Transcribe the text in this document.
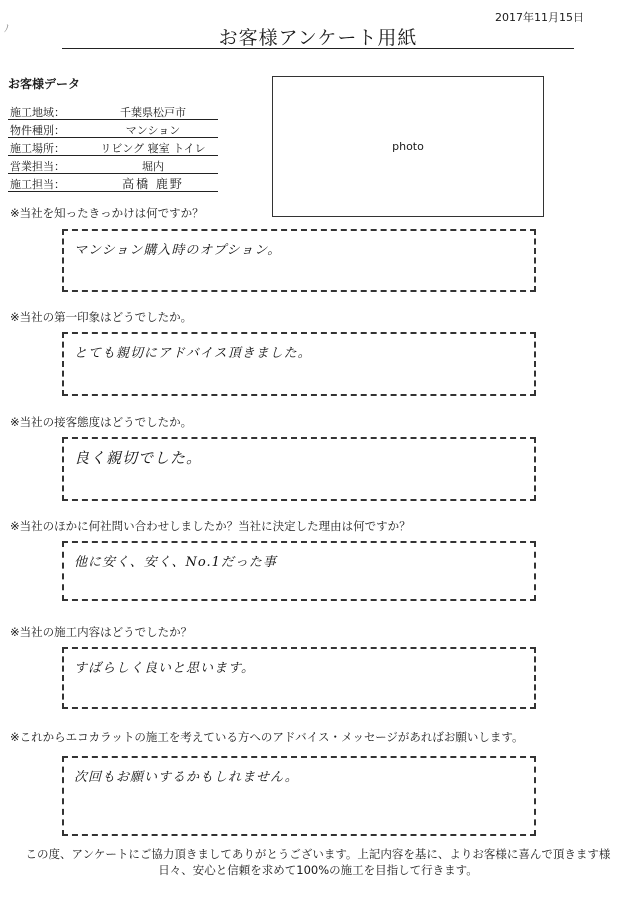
ﾉ
2017年11月15日
お客様アンケート用紙
お客様データ
施工地域：	千葉県松戸市
物件種別：	マンション
施工場所：	リビング 寝室 トイレ
営業担当：	堀内
施工担当：	高橋 鹿野
photo
※当社を知ったきっかけは何ですか？
マンション購入時のオプション。
※当社の第一印象はどうでしたか。
とても親切にアドバイス頂きました。
※当社の接客態度はどうでしたか。
良く親切でした。
※当社のほかに何社問い合わせしましたか？当社に決定した理由は何ですか？
他に安く、安く、No.1だった事
※当社の施工内容はどうでしたか？
すばらしく良いと思います。
※これからエコカラットの施工を考えている方へのアドバイス・メッセージがあればお願いします。
次回もお願いするかもしれません。
この度、アンケートにご協力頂きましてありがとうございます。上記内容を基に、よりお客様に喜んで頂きます様
日々、安心と信頼を求めて100%の施工を目指して行きます。
